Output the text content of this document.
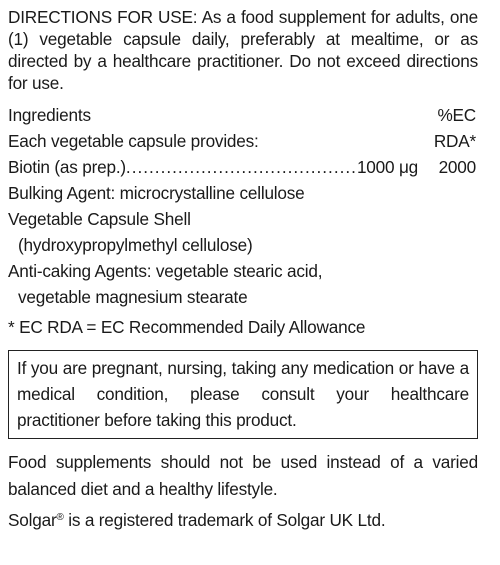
DIRECTIONS FOR USE: As a food supplement for adults, one (1) vegetable capsule daily, preferably at mealtime, or as directed by a healthcare practitioner. Do not exceed directions for use.
Ingredients	%EC
Each vegetable capsule provides:	RDA*
Biotin (as prep.) ........................................ 1000 μg	2000
Bulking Agent: microcrystalline cellulose
Vegetable Capsule Shell
(hydroxypropylmethyl cellulose)
Anti-caking Agents: vegetable stearic acid,
vegetable magnesium stearate
* EC RDA = EC Recommended Daily Allowance
If you are pregnant, nursing, taking any medication or have a medical condition, please consult your healthcare practitioner before taking this product.
Food supplements should not be used instead of a varied balanced diet and a healthy lifestyle.
Solgar® is a registered trademark of Solgar UK Ltd.
